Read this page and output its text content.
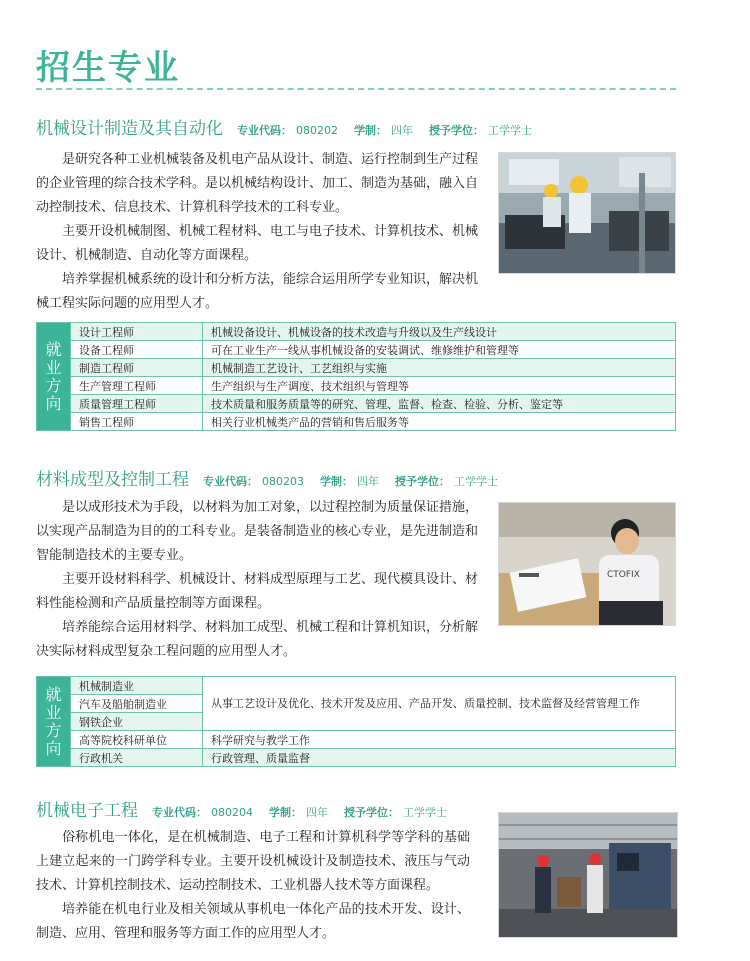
招生专业
机械设计制造及其自动化 专业代码： 080202 学制： 四年 授予学位： 工学学士

是研究各种工业机械装备及机电产品从设计、制造、运行控制到生产过程的企业管理的综合技术学科。是以机械结构设计、加工、制造为基础，融入自动控制技术、信息技术、计算机科学技术的工科专业。

主要开设机械制图、机械工程材料、电工与电子技术、计算机技术、机械设计、机械制造、自动化等方面课程。

培养掌握机械系统的设计和分析方法，能综合运用所学专业知识，解决机械工程实际问题的应用型人才。

就
业
方
向	设计工程师	机械设备设计、机械设备的技术改造与升级以及生产线设计
	设备工程师	可在工业生产一线从事机械设备的安装调试、维修维护和管理等
	制造工程师	机械制造工艺设计、工艺组织与实施
	生产管理工程师	生产组织与生产调度、技术组织与管理等
	质量管理工程师	技术质量和服务质量等的研究、管理、监督、检查、检验、分析、鉴定等
	销售工程师	相关行业机械类产品的营销和售后服务等
材料成型及控制工程 专业代码： 080203 学制： 四年 授予学位： 工学学士

是以成形技术为手段，以材料为加工对象，以过程控制为质量保证措施，以实现产品制造为目的的工科专业。是装备制造业的核心专业，是先进制造和智能制造技术的主要专业。

主要开设材料科学、机械设计、材料成型原理与工艺、现代模具设计、材料性能检测和产品质量控制等方面课程。

培养能综合运用材料学、材料加工成型、机械工程和计算机知识，分析解决实际材料成型复杂工程问题的应用型人才。

CTOFIX
就
业
方
向	机械制造业	从事工艺设计及优化、技术开发及应用、产品开发、质量控制、技术监督及经营管理工作
	汽车及船舶制造业	
	钢铁企业	
	高等院校科研单位	科学研究与教学工作
	行政机关	行政管理、质量监督
机械电子工程 专业代码： 080204 学制： 四年 授予学位： 工学学士

俗称机电一体化，是在机械制造、电子工程和计算机科学等学科的基础上建立起来的一门跨学科专业。主要开设机械设计及制造技术、液压与气动技术、计算机控制技术、运动控制技术、工业机器人技术等方面课程。

培养能在机电行业及相关领域从事机电一体化产品的技术开发、设计、制造、应用、管理和服务等方面工作的应用型人才。
